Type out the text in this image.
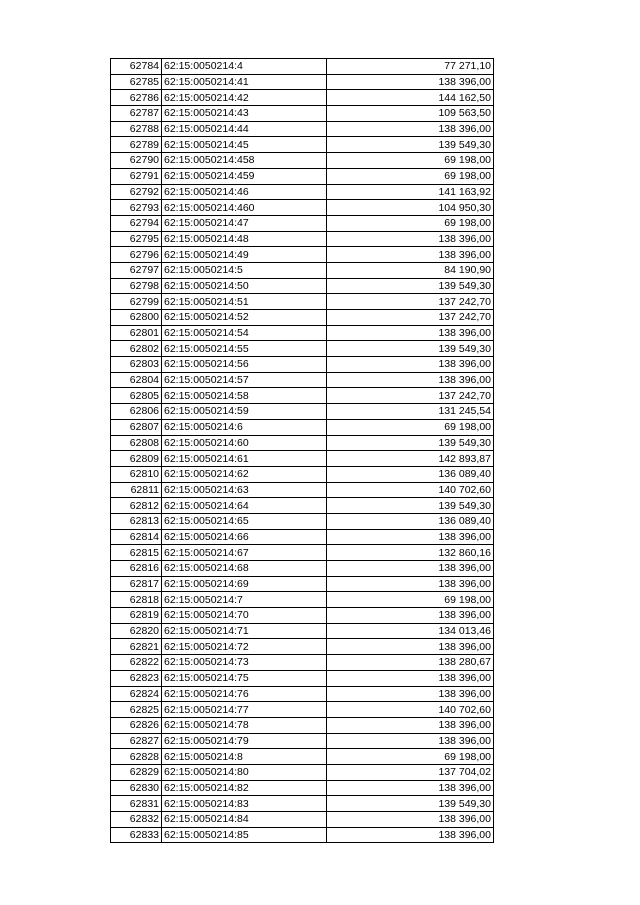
62784	62:15:0050214:4	77 271,10
62785	62:15:0050214:41	138 396,00
62786	62:15:0050214:42	144 162,50
62787	62:15:0050214:43	109 563,50
62788	62:15:0050214:44	138 396,00
62789	62:15:0050214:45	139 549,30
62790	62:15:0050214:458	69 198,00
62791	62:15:0050214:459	69 198,00
62792	62:15:0050214:46	141 163,92
62793	62:15:0050214:460	104 950,30
62794	62:15:0050214:47	69 198,00
62795	62:15:0050214:48	138 396,00
62796	62:15:0050214:49	138 396,00
62797	62:15:0050214:5	84 190,90
62798	62:15:0050214:50	139 549,30
62799	62:15:0050214:51	137 242,70
62800	62:15:0050214:52	137 242,70
62801	62:15:0050214:54	138 396,00
62802	62:15:0050214:55	139 549,30
62803	62:15:0050214:56	138 396,00
62804	62:15:0050214:57	138 396,00
62805	62:15:0050214:58	137 242,70
62806	62:15:0050214:59	131 245,54
62807	62:15:0050214:6	69 198,00
62808	62:15:0050214:60	139 549,30
62809	62:15:0050214:61	142 893,87
62810	62:15:0050214:62	136 089,40
62811	62:15:0050214:63	140 702,60
62812	62:15:0050214:64	139 549,30
62813	62:15:0050214:65	136 089,40
62814	62:15:0050214:66	138 396,00
62815	62:15:0050214:67	132 860,16
62816	62:15:0050214:68	138 396,00
62817	62:15:0050214:69	138 396,00
62818	62:15:0050214:7	69 198,00
62819	62:15:0050214:70	138 396,00
62820	62:15:0050214:71	134 013,46
62821	62:15:0050214:72	138 396,00
62822	62:15:0050214:73	138 280,67
62823	62:15:0050214:75	138 396,00
62824	62:15:0050214:76	138 396,00
62825	62:15:0050214:77	140 702,60
62826	62:15:0050214:78	138 396,00
62827	62:15:0050214:79	138 396,00
62828	62:15:0050214:8	69 198,00
62829	62:15:0050214:80	137 704,02
62830	62:15:0050214:82	138 396,00
62831	62:15:0050214:83	139 549,30
62832	62:15:0050214:84	138 396,00
62833	62:15:0050214:85	138 396,00
